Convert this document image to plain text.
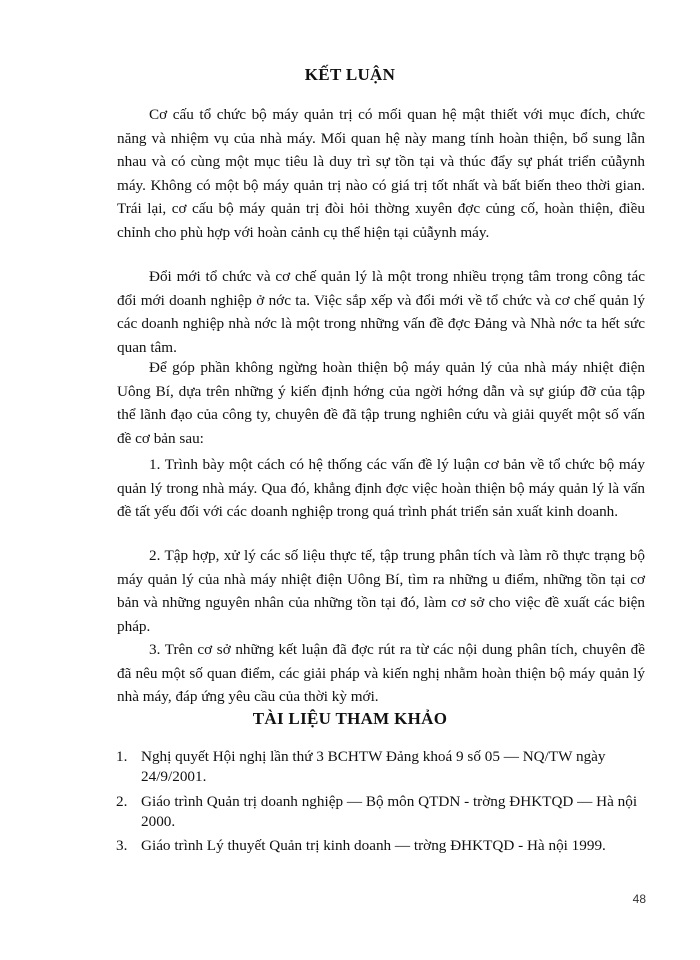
KẾT LUẬN

Cơ cấu tổ chức bộ máy quản trị có mối quan hệ mật thiết với mục đích, chức năng và nhiệm vụ của nhà máy. Mối quan hệ này mang tính hoàn thiện, bổ sung lẫn nhau và có cùng một mục tiêu là duy trì sự tồn tại và thúc đẩy sự phát triển củẫynh máy. Không có một bộ máy quản trị nào có giá trị tốt nhất và bất biến theo thời gian. Trái lại, cơ cấu bộ máy quản trị đòi hỏi thờng xuyên đợc củng cố, hoàn thiện, điều chỉnh cho phù hợp với hoàn cảnh cụ thể hiện tại củẫynh máy.

Đổi mới tổ chức và cơ chế quản lý là một trong nhiều trọng tâm trong công tác đổi mới doanh nghiệp ở nớc ta. Việc sắp xếp và đổi mới về tổ chức và cơ chế quản lý các doanh nghiệp nhà nớc là một trong những vấn đề đợc Đảng và Nhà nớc ta hết sức quan tâm.

Để góp phần không ngừng hoàn thiện bộ máy quản lý của nhà máy nhiệt điện Uông Bí, dựa trên những ý kiến định hớng của ngời hớng dẫn và sự giúp đỡ của tập thể lãnh đạo của công ty, chuyên đề đã tập trung nghiên cứu và giải quyết một số vấn đề cơ bản sau:

1. Trình bày một cách có hệ thống các vấn đề lý luận cơ bản về tổ chức bộ máy quản lý trong nhà máy. Qua đó, khẳng định đợc việc hoàn thiện bộ máy quản lý là vấn đề tất yếu đối với các doanh nghiệp trong quá trình phát triển sản xuất kinh doanh.

2. Tập hợp, xử lý các số liệu thực tế, tập trung phân tích và làm rõ thực trạng bộ máy quản lý của nhà máy nhiệt điện Uông Bí, tìm ra những u điểm, những tồn tại cơ bản và những nguyên nhân của những tồn tại đó, làm cơ sở cho việc đề xuất các biện pháp.

3. Trên cơ sở những kết luận đã đợc rút ra từ các nội dung phân tích, chuyên đề đã nêu một số quan điểm, các giải pháp và kiến nghị nhằm hoàn thiện bộ máy quản lý nhà máy, đáp ứng yêu cầu của thời kỳ mới.

TÀI LIỆU THAM KHẢO
1. Nghị quyết Hội nghị lần thứ 3 BCHTW Đảng khoá 9 số 05 — NQ/TW ngày 24/9/2001.
2. Giáo trình Quản trị doanh nghiệp — Bộ môn QTDN - trờng ĐHKTQD — Hà nội 2000.
3. Giáo trình Lý thuyết Quản trị kinh doanh — trờng ĐHKTQD - Hà nội 1999.
48
